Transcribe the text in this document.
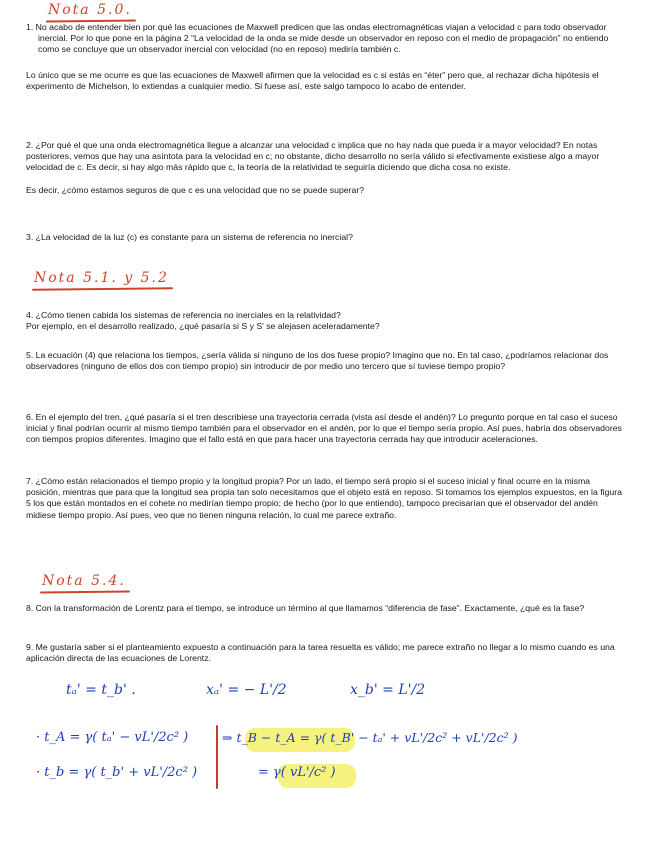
Nota 5.0.

1. No acabo de entender bien por qué las ecuaciones de Maxwell predicen que las ondas electromagnéticas viajan a velocidad c para todo observador inercial. Por lo que pone en la página 2 “La velocidad de la onda se mide desde un observador en reposo con el medio de propagación” no entiendo como se concluye que un observador inercial con velocidad (no en reposo) mediría también c.

Lo único que se me ocurre es que las ecuaciones de Maxwell afirmen que la velocidad es c si estás en “éter” pero que, al rechazar dicha hipótesis el experimento de Michelson, lo extiendas a cualquier medio. Si fuese así, este salgo tampoco lo acabo de entender.

2. ¿Por qué el que una onda electromagnética llegue a alcanzar una velocidad c implica que no hay nada que pueda ir a mayor velocidad? En notas posteriores, vemos que hay una asíntota para la velocidad en c; no obstante, dicho desarrollo no sería válido si efectivamente existiese algo a mayor velocidad de c. Es decir, si hay algo más rápido que c, la teoría de la relatividad te seguiría diciendo que dicha cosa no existe.

Es decir, ¿cómo estamos seguros de que c es una velocidad que no se puede superar?

3. ¿La velocidad de la luz (c) es constante para un sistema de referencia no inercial?

Nota 5.1. y 5.2

4. ¿Cómo tienen cabida los sistemas de referencia no inerciales en la relatividad?
Por ejemplo, en el desarrollo realizado, ¿qué pasaría si S y S' se alejasen aceleradamente?

5. La ecuación (4) que relaciona los tiempos, ¿sería válida si ninguno de los dos fuese propio? Imagino que no. En tal caso, ¿podríamos relacionar dos observadores (ninguno de ellos dos con tiempo propio) sin introducir de por medio uno tercero que sí tuviese tiempo propio?

6. En el ejemplo del tren, ¿qué pasaría si el tren describiese una trayectoria cerrada (vista así desde el andén)? Lo pregunto porque en tal caso el suceso inicial y final podrían ocurrir al mismo tiempo también para el observador en el andén, por lo que el tiempo sería propio. Así pues, habría dos observadores con tiempos propios diferentes. Imagino que el fallo está en que para hacer una trayectoria cerrada hay que introducir aceleraciones.

7. ¿Cómo están relacionados el tiempo propio y la longitud propia? Por un lado, el tiempo será propio si el suceso inicial y final ocurre en la misma posición, mientras que para que la longitud sea propia tan solo necesitamos que el objeto está en reposo. Si tomamos los ejemplos expuestos, en la figura 5 los que están montados en el cohete no medirían tiempo propio; de hecho (por lo que entiendo), tampoco precisarían que el observador del andén midiese tiempo propio. Así pues, veo que no tienen ninguna relación, lo cual me parece extraño.

Nota 5.4.

8. Con la transformación de Lorentz para el tiempo, se introduce un término al que llamamos “diferencia de fase”. Exactamente, ¿qué es la fase?

9. Me gustaría saber si el planteamiento expuesto a continuación para la tarea resuelta es válido; me parece extraño no llegar a lo mismo cuando es una aplicación directa de las ecuaciones de Lorentz.

tₐ' = t_b' .	xₐ' = − L'/2	x_b' = L'/2
· t_A = γ( tₐ' − vL'/2c² )
· t_b = γ( t_b' + vL'/2c² )
⇒ t_B − t_A = γ( t_B' − tₐ' + vL'/2c² + vL'/2c² )
= γ( vL'/c² )
